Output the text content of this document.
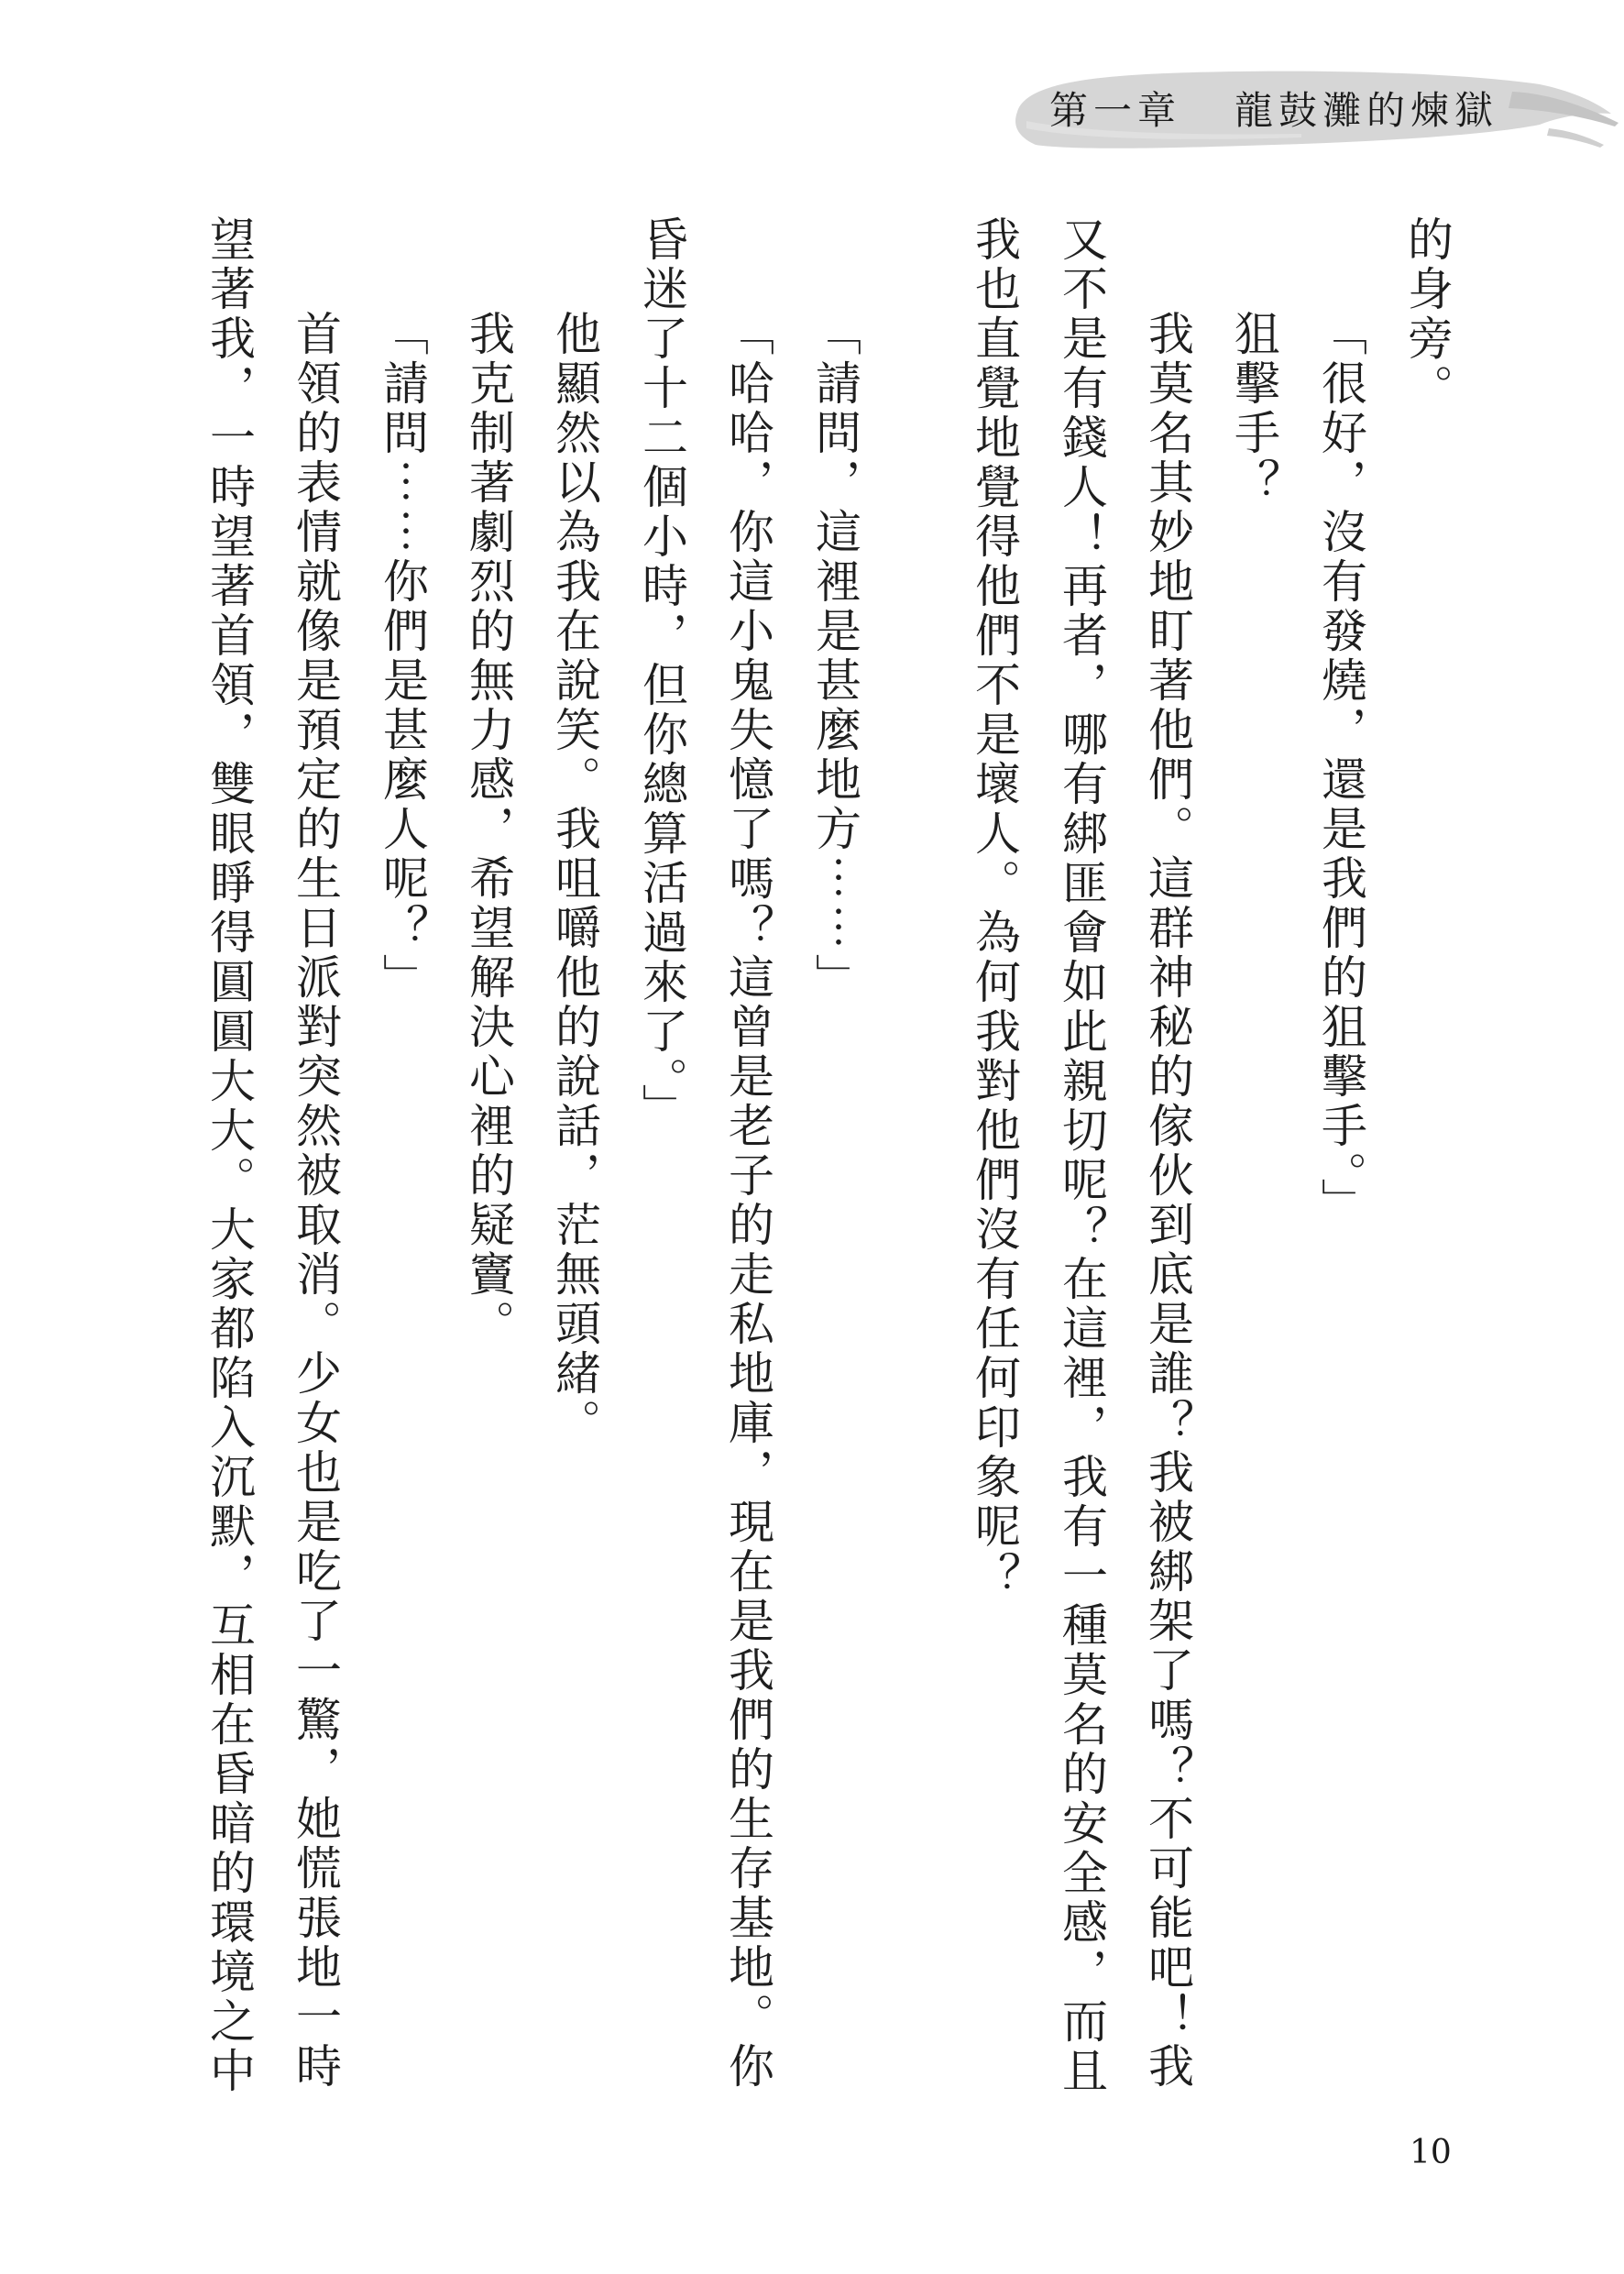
第一章 龍鼓灘的煉獄
的身旁。
「很好，沒有發燒，還是我們的狙擊手。」
狙擊手？
我莫名其妙地盯著他們。這群神秘的傢伙到底是誰？我被綁架了嗎？不可能吧！我
又不是有錢人！再者，哪有綁匪會如此親切呢？在這裡，我有一種莫名的安全感，而且
我也直覺地覺得他們不是壞人。為何我對他們沒有任何印象呢？
「請問，這裡是甚麼地方⋯⋯」
「哈哈，你這小鬼失憶了嗎？這曾是老子的走私地庫，現在是我們的生存基地。你
昏迷了十二個小時，但你總算活過來了。」
他顯然以為我在說笑。我咀嚼他的說話，茫無頭緒。
我克制著劇烈的無力感，希望解決心裡的疑竇。
「請問⋯⋯你們是甚麼人呢？」
首領的表情就像是預定的生日派對突然被取消。少女也是吃了一驚，她慌張地一時
望著我，一時望著首領，雙眼睜得圓圓大大。大家都陷入沉默，互相在昏暗的環境之中
10
